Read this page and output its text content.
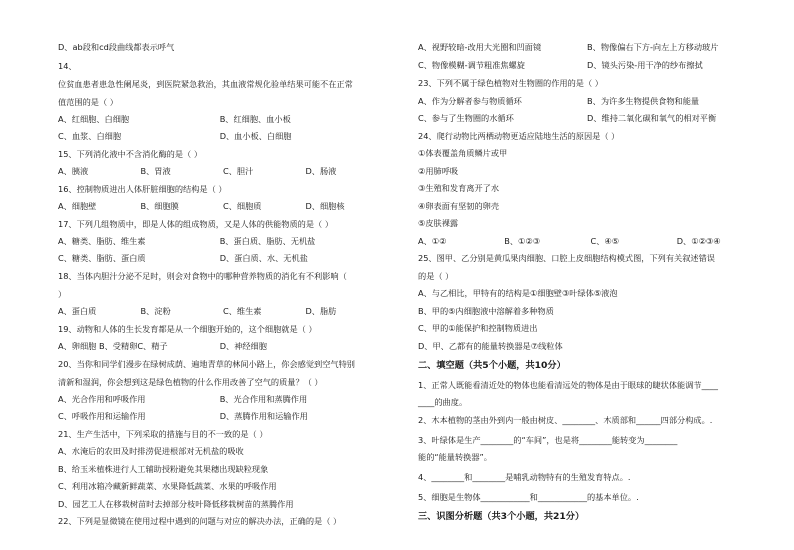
D、ab段和cd段曲线都表示呼气
14、
位贫血患者患急性阑尾炎，到医院紧急救治，其血液常规化验单结果可能不在正常
值范围的是（ ）
A、红细胞、白细胞	B、红细胞、血小板
C、血浆、白细胞	D、血小板、白细胞
15、下列消化液中不含消化酶的是（ ）
A、胰液	B、胃液	C、胆汁	D、肠液
16、控制物质进出人体肝脏细胞的结构是（ ）
A、细胞壁	B、细胞膜	C、细胞质	D、细胞核
17、下列几组物质中，即是人体的组成物质，又是人体的供能物质的是（ ）
A、糖类、脂肪、维生素	B、蛋白质、脂肪、无机盐
C、糖类、脂肪、蛋白质	D、蛋白质、水、无机盐
18、当体内胆汁分泌不足时，则会对食物中的哪种营养物质的消化有不利影响（
）
A、蛋白质	B、淀粉	C、维生素	D、脂肪
19、动物和人体的生长发育都是从一个细胞开始的，这个细胞就是（ ）
A、卵细胞 B、受精卵C、精子	D、神经细胞
20、当你和同学们漫步在绿树成荫、遍地青草的林间小路上，你会感觉到空气特别
清新和湿润，你会想到这是绿色植物的什么作用改善了空气的质量？（ ）
A、光合作用和呼吸作用	B、光合作用和蒸腾作用
C、呼吸作用和运输作用	D、蒸腾作用和运输作用
21、生产生活中，下列采取的措施与目的不一致的是（ ）
A、水淹后的农田及时排涝促进根部对无机盐的吸收
B、给玉米植株进行人工辅助授粉避免其果穗出现缺粒现象
C、利用冰箱冷藏新鲜蔬菜、水果降低蔬菜、水果的呼吸作用
D、园艺工人在移栽树苗时去掉部分枝叶降低移栽树苗的蒸腾作用
22、下列是显微镜在使用过程中遇到的问题与对应的解决办法，正确的是（ ）
A、视野较暗-改用大光圈和凹面镜	B、物像偏右下方-向左上方移动玻片
C、物像模糊-调节粗准焦螺旋	D、镜头污染-用干净的纱布擦拭
23、下列不属于绿色植物对生物圈的作用的是（ ）
A、作为分解者参与物质循环	B、为许多生物提供食物和能量
C、参与了生物圈的水循环	D、维持二氧化碳和氧气的相对平衡
24、爬行动物比两栖动物更适应陆地生活的原因是（ ）
①体表覆盖角质鳞片或甲
②用肺呼吸
③生殖和发育离开了水
④卵表面有坚韧的卵壳
⑤皮肤裸露
A、①②	B、①②③	C、④⑤	D、①②③④
25、图甲、乙分别是黄瓜果肉细胞、口腔上皮细胞结构模式图，下列有关叙述错误
的是（ ）
A、与乙相比，甲特有的结构是①细胞壁③叶绿体⑤液泡
B、甲的⑤内细胞液中溶解着多种物质
C、甲的①能保护和控制物质进出
D、甲、乙都有的能量转换器是⑦线粒体
二、填空题（共5个小题，共10分）
1、正常人既能看清近处的物体也能看清远处的物体是由于眼球的睫状体能调节____
____的曲度。
2、木本植物的茎由外到内一般由树皮、________、木质部和______四部分构成。.
3、叶绿体是生产________的“车间”，也是将________能转变为________
能的“能量转换器”。
4、________和________是哺乳动物特有的生殖发育特点。.
5、细胞是生物体____________和____________的基本单位。.
三、识图分析题（共3个小题，共21分）
